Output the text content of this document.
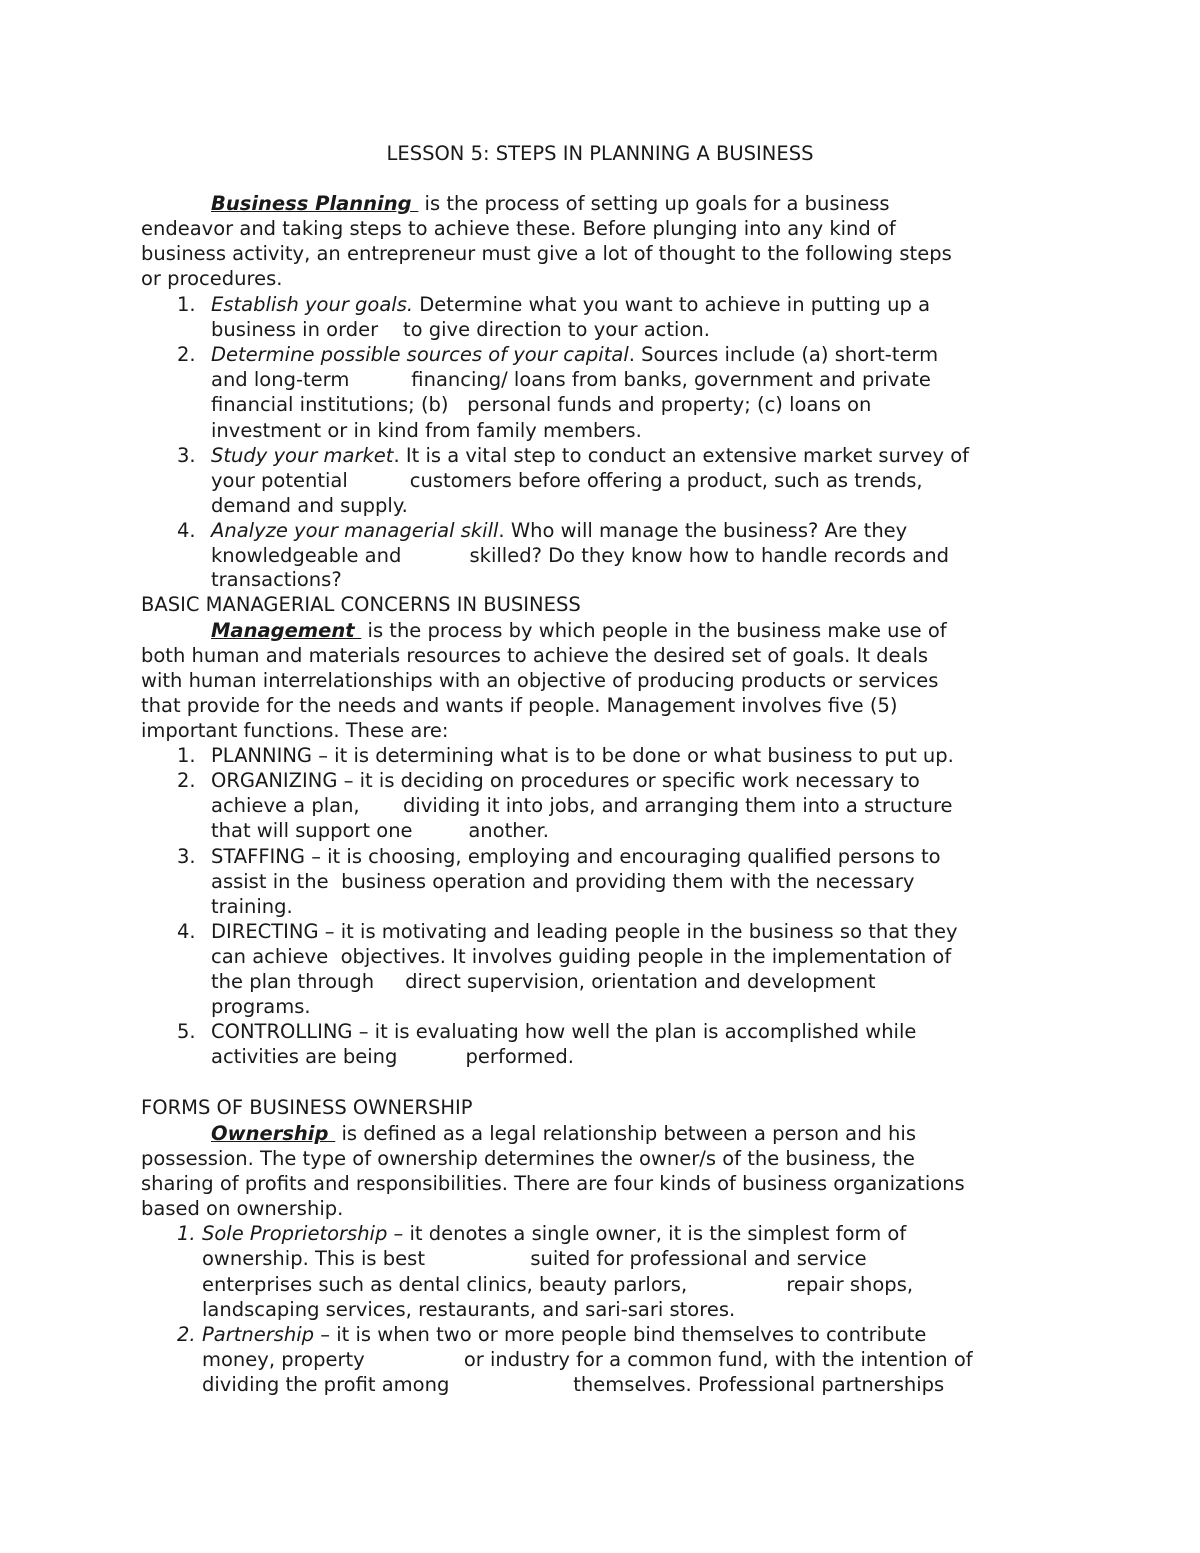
LESSON 5: STEPS IN PLANNING A BUSINESS
Business Planning  is the process of setting up goals for a business
endeavor and taking steps to achieve these. Before plunging into any kind of
business activity, an entrepreneur must give a lot of thought to the following steps
or procedures.
1. Establish your goals. Determine what you want to achieve in putting up a
business in order    to give direction to your action.
2. Determine possible sources of your capital. Sources include (a) short-term
and long-term          financing/ loans from banks, government and private
financial institutions; (b)   personal funds and property; (c) loans on
investment or in kind from family members.
3. Study your market. It is a vital step to conduct an extensive market survey of
your potential          customers before offering a product, such as trends,
demand and supply.
4. Analyze your managerial skill. Who will manage the business? Are they
knowledgeable and           skilled? Do they know how to handle records and
transactions?
BASIC MANAGERIAL CONCERNS IN BUSINESS
Management  is the process by which people in the business make use of
both human and materials resources to achieve the desired set of goals. It deals
with human interrelationships with an objective of producing products or services
that provide for the needs and wants if people. Management involves five (5)
important functions. These are:
1. PLANNING – it is determining what is to be done or what business to put up.
2. ORGANIZING – it is deciding on procedures or specific work necessary to
achieve a plan,       dividing it into jobs, and arranging them into a structure
that will support one         another.
3. STAFFING – it is choosing, employing and encouraging qualified persons to
assist in the  business operation and providing them with the necessary
training.
4. DIRECTING – it is motivating and leading people in the business so that they
can achieve  objectives. It involves guiding people in the implementation of
the plan through     direct supervision, orientation and development
programs.
5. CONTROLLING – it is evaluating how well the plan is accomplished while
activities are being           performed.
FORMS OF BUSINESS OWNERSHIP
Ownership  is defined as a legal relationship between a person and his
possession. The type of ownership determines the owner/s of the business, the
sharing of profits and responsibilities. There are four kinds of business organizations
based on ownership.
1. Sole Proprietorship – it denotes a single owner, it is the simplest form of
ownership. This is best                 suited for professional and service
enterprises such as dental clinics, beauty parlors,                repair shops,
landscaping services, restaurants, and sari-sari stores.
2. Partnership – it is when two or more people bind themselves to contribute
money, property                or industry for a common fund, with the intention of
dividing the profit among                    themselves. Professional partnerships
